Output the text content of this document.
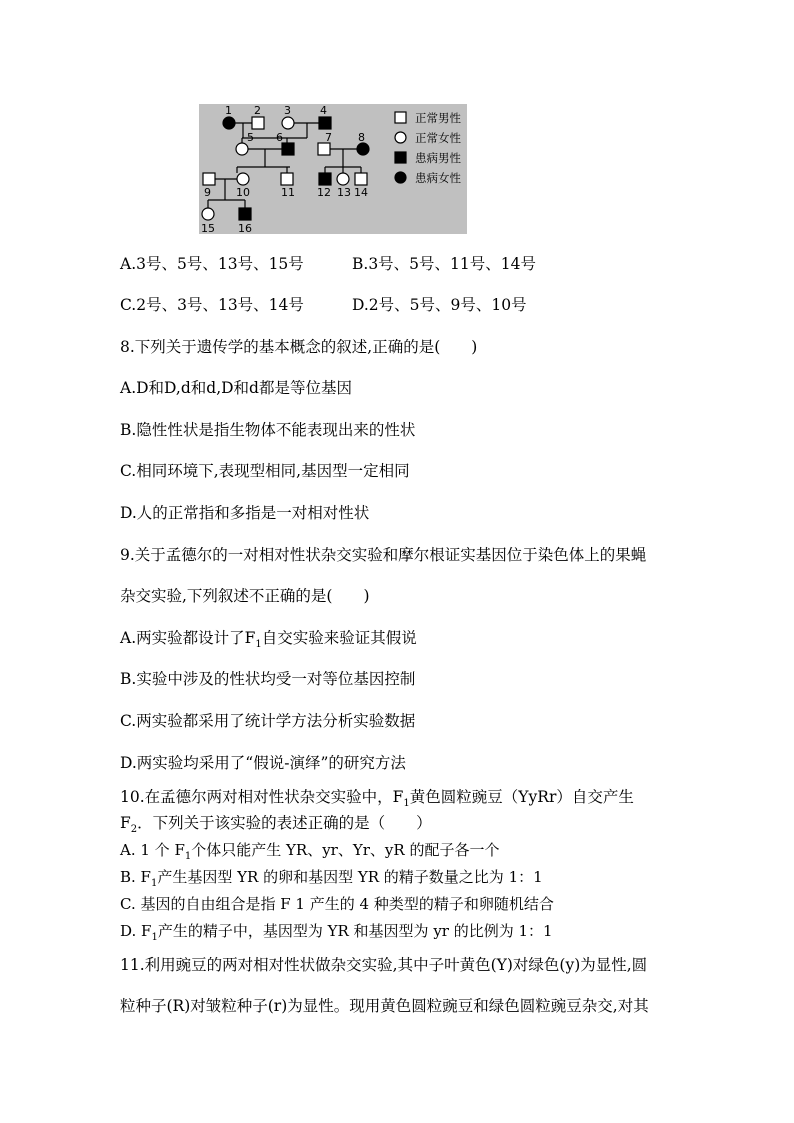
1 2 3	4
5 6	7 8
9 10	11 12 13 14
15 16
正常男性
正常女性
患病男性
患病女性
A.3号、5号、13号、15号	B.3号、5号、11号、14号
C.2号、3号、13号、14号	D.2号、5号、9号、10号
8.下列关于遗传学的基本概念的叙述,正确的是(　　)
A.D和D,d和d,D和d都是等位基因
B.隐性性状是指生物体不能表现出来的性状
C.相同环境下,表现型相同,基因型一定相同
D.人的正常指和多指是一对相对性状
9.关于孟德尔的一对相对性状杂交实验和摩尔根证实基因位于染色体上的果蝇
杂交实验,下列叙述不正确的是(　　)
A.两实验都设计了$F_1$自交实验来验证其假说
B.实验中涉及的性状均受一对等位基因控制
C.两实验都采用了统计学方法分析实验数据
D.两实验均采用了“假说-演绎”的研究方法
10.在孟德尔两对相对性状杂交实验中，$F_1$黄色圆粒豌豆（YyRr）自交产生
$F_2$．下列关于该实验的表述正确的是（　　）
A. 1 个 $F_1$个体只能产生 YR、yr、Yr、yR 的配子各一个
B. $F_1$产生基因型 YR 的卵和基因型 YR 的精子数量之比为 1：1
C. 基因的自由组合是指 F 1 产生的 4 种类型的精子和卵随机结合
D. $F_1$产生的精子中，基因型为 YR 和基因型为 yr 的比例为 1：1
11.利用豌豆的两对相对性状做杂交实验,其中子叶黄色(Y)对绿色(y)为显性,圆
粒种子(R)对皱粒种子(r)为显性。现用黄色圆粒豌豆和绿色圆粒豌豆杂交,对其
